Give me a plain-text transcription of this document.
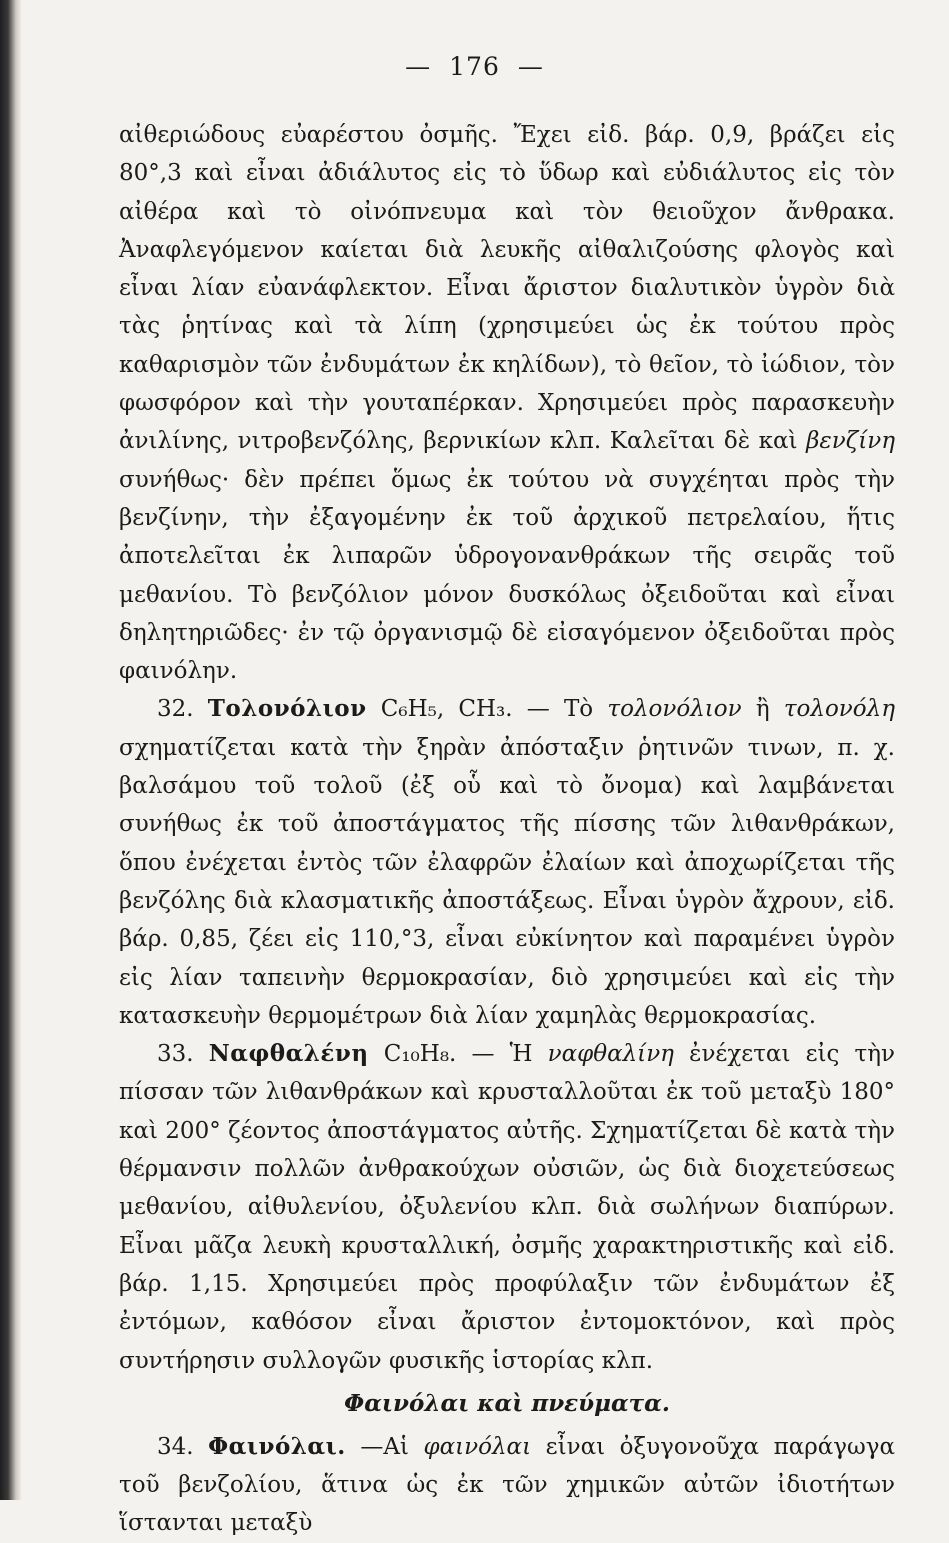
— 176 —

αἰθεριώδους εὐαρέστου ὀσμῆς. Ἔχει εἰδ. βάρ. 0,9, βράζει εἰς 80°,3 καὶ εἶναι ἀδιάλυτος εἰς τὸ ὕδωρ καὶ εὐδιάλυτος εἰς τὸν αἰθέρα καὶ τὸ οἰνόπνευμα καὶ τὸν θειοῦχον ἄνθρακα. Ἀναφλεγόμενον καίεται διὰ λευκῆς αἰθαλιζούσης φλογὸς καὶ εἶναι λίαν εὐανάφλεκτον. Εἶναι ἄριστον διαλυτικὸν ὑγρὸν διὰ τὰς ῥητίνας καὶ τὰ λίπη (χρησιμεύει ὡς ἐκ τούτου πρὸς καθαρισμὸν τῶν ἐνδυμάτων ἐκ κηλίδων), τὸ θεῖον, τὸ ἰώδιον, τὸν φωσφόρον καὶ τὴν γουταπέρκαν. Χρησιμεύει πρὸς παρασκευὴν ἀνιλίνης, νιτροβενζόλης, βερνικίων κλπ. Καλεῖται δὲ καὶ βενζίνη συνήθως· δὲν πρέπει ὅμως ἐκ τούτου νὰ συγχέηται πρὸς τὴν βενζίνην, τὴν ἐξαγομένην ἐκ τοῦ ἀρχικοῦ πετρελαίου, ἥτις ἀποτελεῖται ἐκ λιπαρῶν ὑδρογονανθράκων τῆς σειρᾶς τοῦ μεθανίου. Τὸ βενζόλιον μόνον δυσκόλως ὀξειδοῦται καὶ εἶναι δηλητηριῶδες· ἐν τῷ ὀργανισμῷ δὲ εἰσαγόμενον ὀξειδοῦται πρὸς φαινόλην.

32. Τολονόλιον C₆H₅, CH₃. — Τὸ τολονόλιον ἢ τολονόλη σχηματίζεται κατὰ τὴν ξηρὰν ἀπόσταξιν ῥητινῶν τινων, π. χ. βαλσάμου τοῦ τολοῦ (ἐξ οὗ καὶ τὸ ὄνομα) καὶ λαμβάνεται συνήθως ἐκ τοῦ ἀποστάγματος τῆς πίσσης τῶν λιθανθράκων, ὅπου ἐνέχεται ἐντὸς τῶν ἐλαφρῶν ἐλαίων καὶ ἀποχωρίζεται τῆς βενζόλης διὰ κλασματικῆς ἀποστάξεως. Εἶναι ὑγρὸν ἄχρουν, εἰδ. βάρ. 0,85, ζέει εἰς 110,°3, εἶναι εὐκίνητον καὶ παραμένει ὑγρὸν εἰς λίαν ταπεινὴν θερμοκρασίαν, διὸ χρησιμεύει καὶ εἰς τὴν κατασκευὴν θερμομέτρων διὰ λίαν χαμηλὰς θερμοκρασίας.

33. Ναφθαλένη C₁₀H₈. — Ἡ ναφθαλίνη ἐνέχεται εἰς τὴν πίσσαν τῶν λιθανθράκων καὶ κρυσταλλοῦται ἐκ τοῦ μεταξὺ 180° καὶ 200° ζέοντος ἀποστάγματος αὐτῆς. Σχηματίζεται δὲ κατὰ τὴν θέρμανσιν πολλῶν ἀνθρακούχων οὐσιῶν, ὡς διὰ διοχετεύσεως μεθανίου, αἰθυλενίου, ὀξυλενίου κλπ. διὰ σωλήνων διαπύρων. Εἶναι μᾶζα λευκὴ κρυσταλλική, ὀσμῆς χαρακτηριστικῆς καὶ εἰδ. βάρ. 1,15. Χρησιμεύει πρὸς προφύλαξιν τῶν ἐνδυμάτων ἐξ ἐντόμων, καθόσον εἶναι ἄριστον ἐντομοκτόνον, καὶ πρὸς συντήρησιν συλλογῶν φυσικῆς ἱστορίας κλπ.

Φαινόλαι καὶ πνεύματα.

34. Φαινόλαι. —Αἱ φαινόλαι εἶναι ὀξυγονοῦχα παράγωγα τοῦ βενζολίου, ἅτινα ὡς ἐκ τῶν χημικῶν αὐτῶν ἰδιοτήτων ἵστανται μεταξὺ
